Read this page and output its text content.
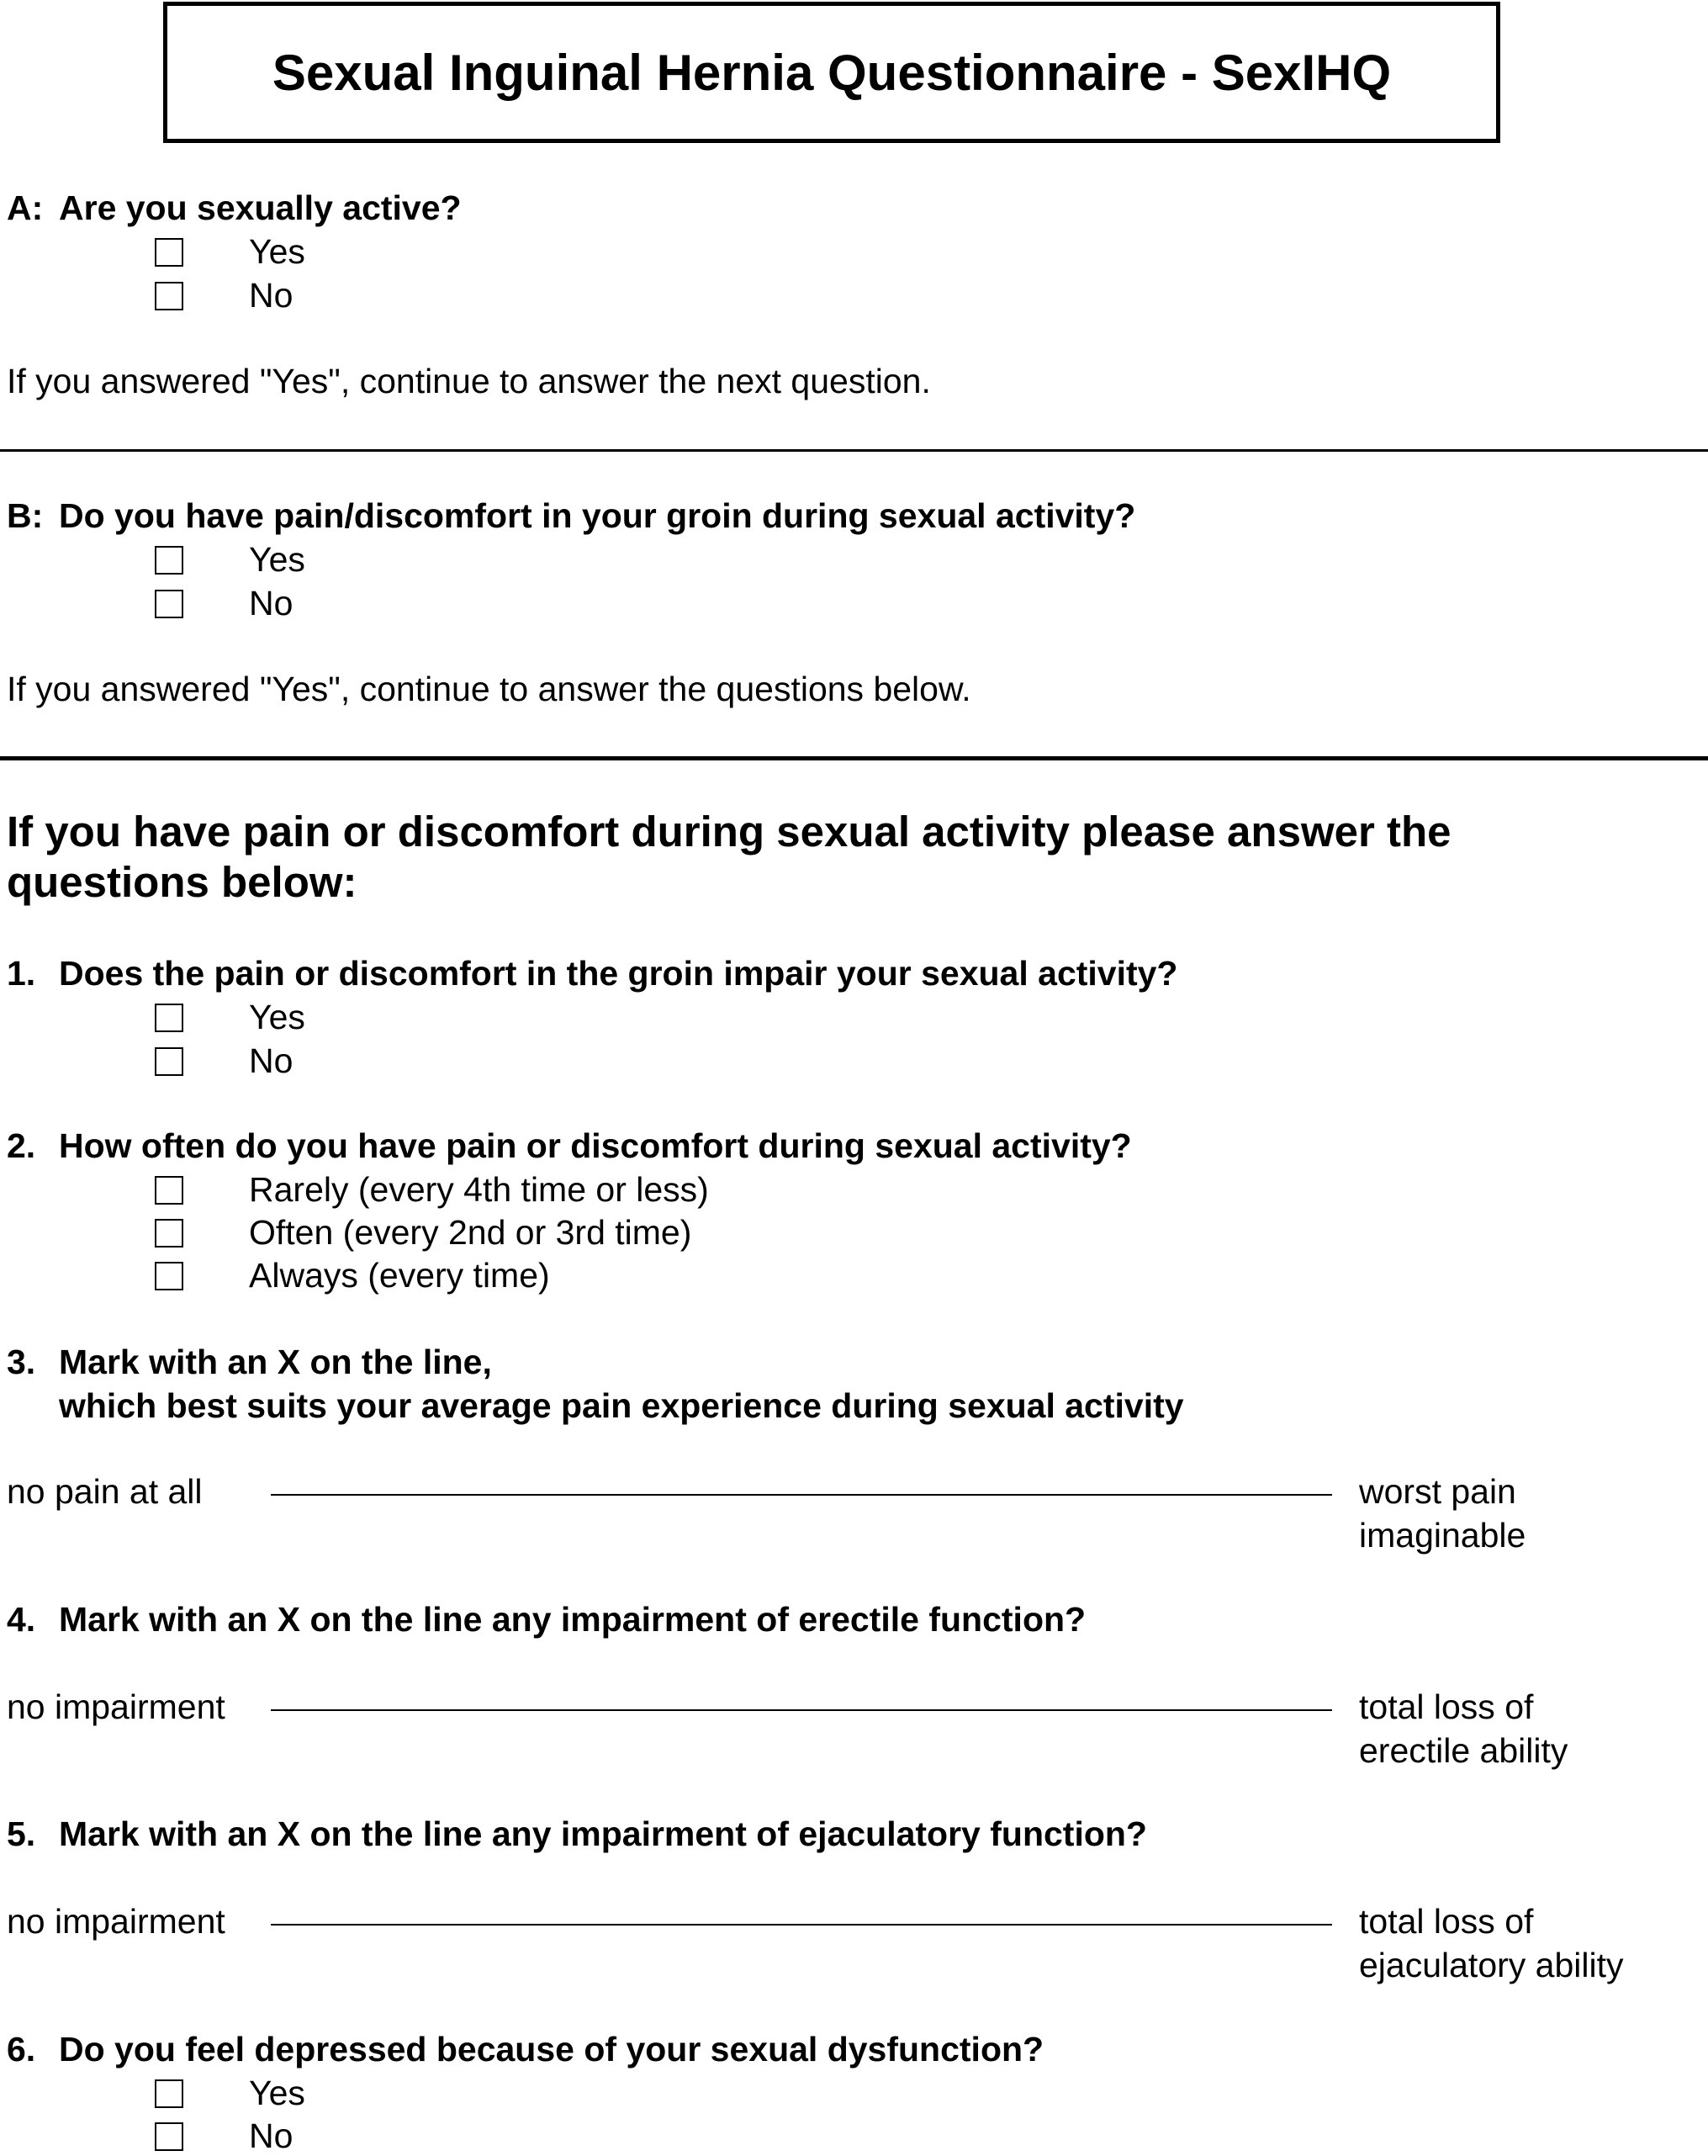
Sexual Inguinal Hernia Questionnaire - SexIHQ
A: Are you sexually active?
Yes
No
If you answered "Yes", continue to answer the next question.
B: Do you have pain/discomfort in your groin during sexual activity?
Yes
No
If you answered "Yes", continue to answer the questions below.
If you have pain or discomfort during sexual activity please answer the questions below:
1. Does the pain or discomfort in the groin impair your sexual activity?
Yes
No
2. How often do you have pain or discomfort during sexual activity?
Rarely (every 4th time or less)
Often (every 2nd or 3rd time)
Always (every time)
3. Mark with an X on the line,
which best suits your average pain experience during sexual activity
no pain at all	worst pain
imaginable
4. Mark with an X on the line any impairment of erectile function?
no impairment	total loss of
erectile ability
5. Mark with an X on the line any impairment of ejaculatory function?
no impairment	total loss of
ejaculatory ability
6. Do you feel depressed because of your sexual dysfunction?
Yes
No
